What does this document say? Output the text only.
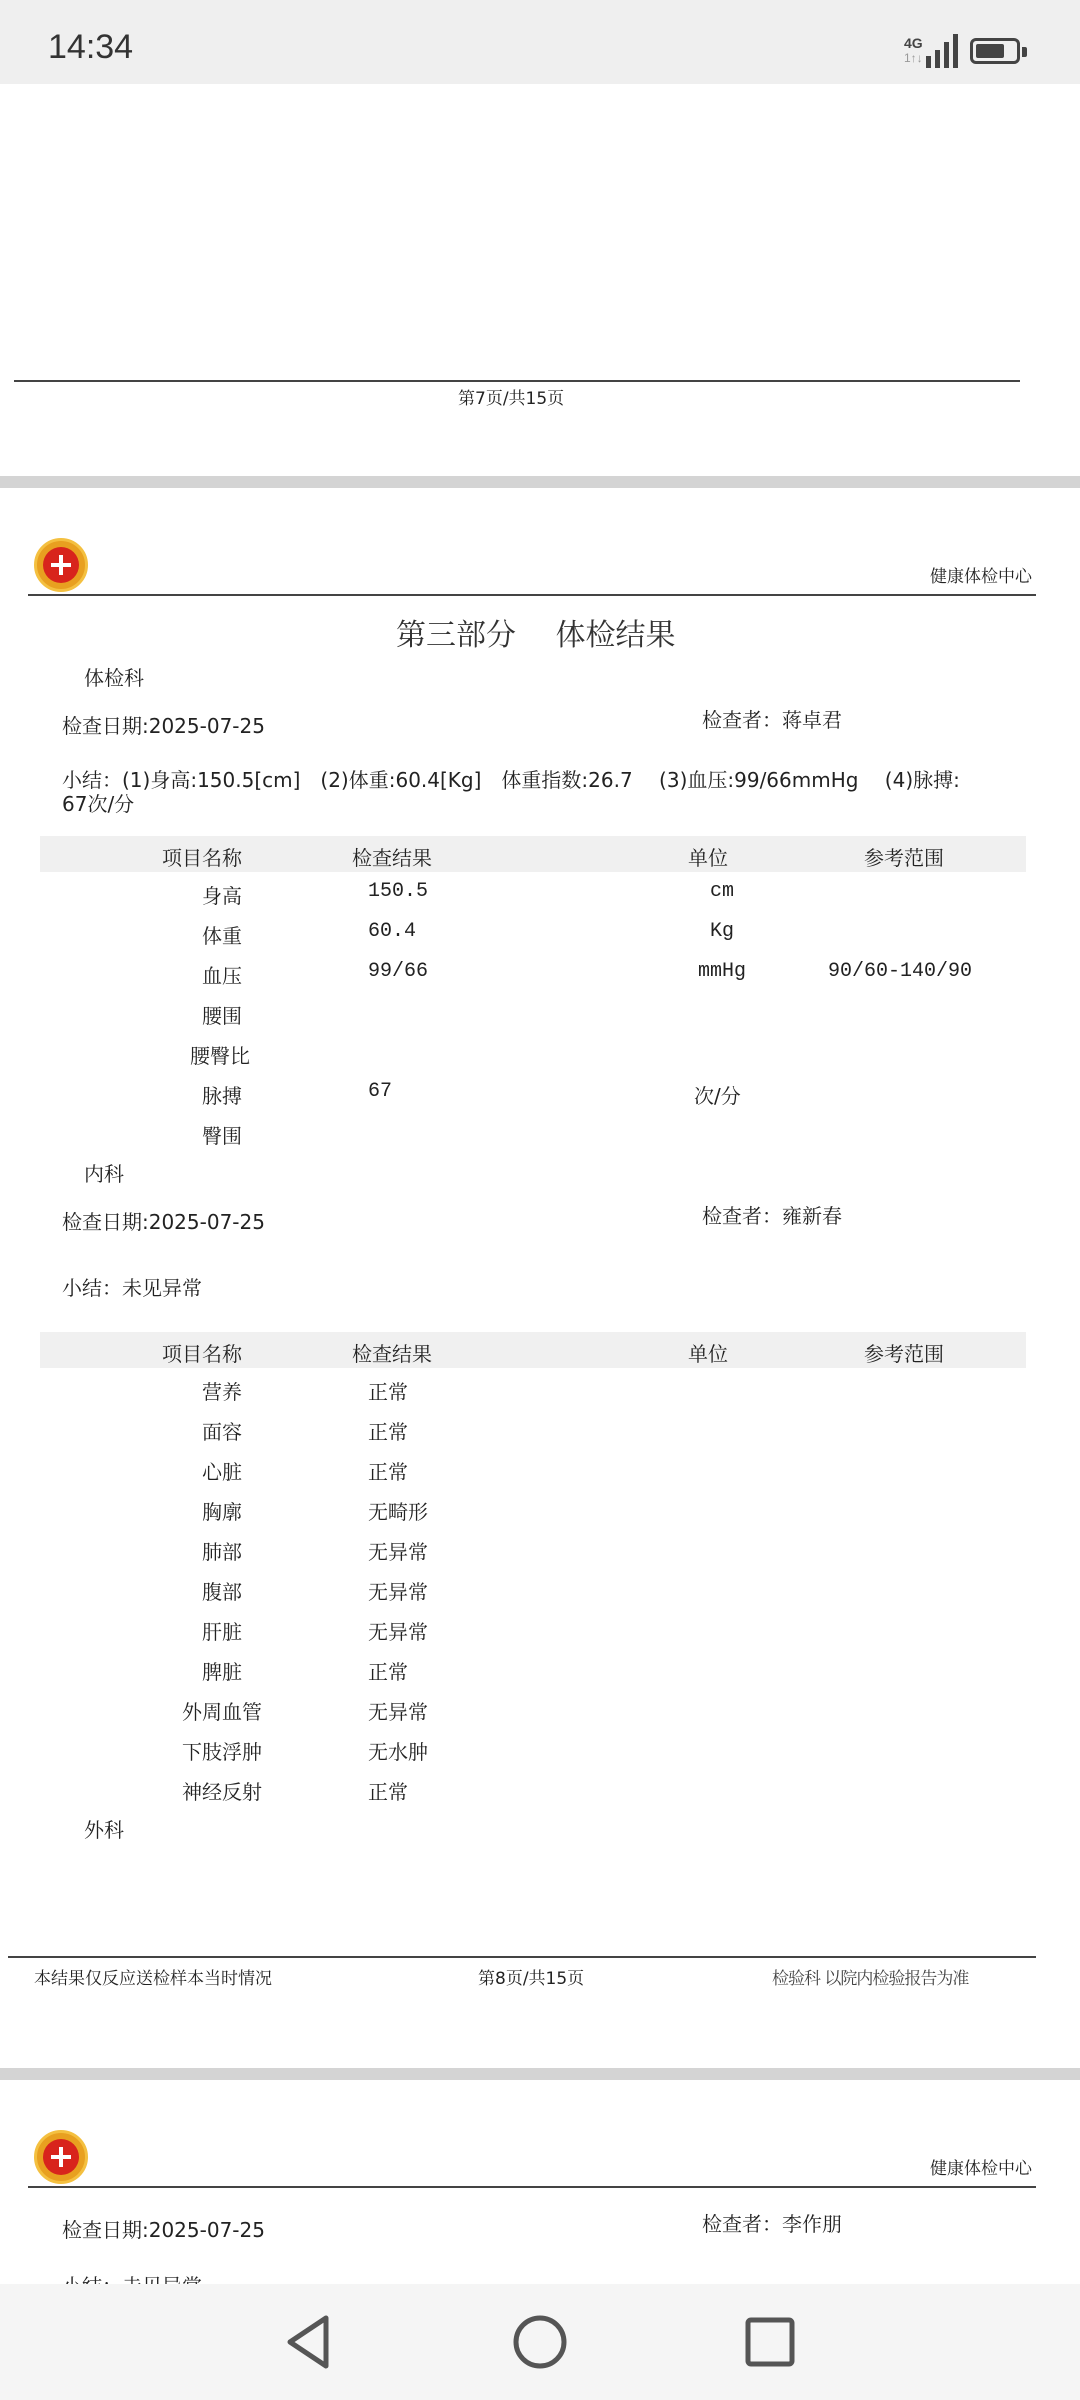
14:34	4G
1↑↓
第7页/共15页
健康体检中心
第三部分　 体检结果
体检科
检查日期:2025-07-25	检查者：蒋卓君
小结：(1)身高:150.5[cm]　(2)体重:60.4[Kg]　体重指数:26.7　 (3)血压:99/66mmHg　 (4)脉搏:
67次/分
项目名称	检查结果	单位	参考范围
身高	150.5	cm
体重	60.4	Kg
血压	99/66	mmHg	90/60-140/90
腰围
腰臀比
脉搏	67	次/分
臀围
内科
检查日期:2025-07-25	检查者：雍新春
小结：未见异常
项目名称	检查结果	单位	参考范围
营养	正常
面容	正常
心脏	正常
胸廓	无畸形
肺部	无异常
腹部	无异常
肝脏	无异常
脾脏	正常
外周血管	无异常
下肢浮肿	无水肿
神经反射	正常
外科
本结果仅反应送检样本当时情况	第8页/共15页	检验科 以院内检验报告为准
健康体检中心
检查日期:2025-07-25	检查者：李作朋
